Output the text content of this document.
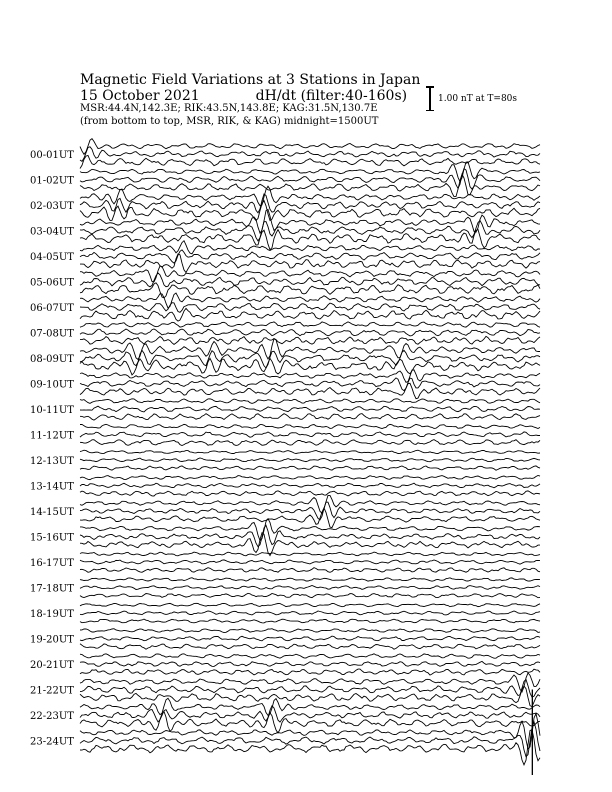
Magnetic Field Variations at 3 Stations in Japan
15 October 2021	dH/dt (filter:40-160s)
MSR:44.4N,142.3E; RIK:43.5N,143.8E; KAG:31.5N,130.7E
(from bottom to top, MSR, RIK, & KAG) midnight=1500UT
1.00 nT at T=80s
00-01UT
01-02UT
02-03UT
03-04UT
04-05UT
05-06UT
06-07UT
07-08UT
08-09UT
09-10UT
10-11UT
11-12UT
12-13UT
13-14UT
14-15UT
15-16UT
16-17UT
17-18UT
18-19UT
19-20UT
20-21UT
21-22UT
22-23UT
23-24UT
